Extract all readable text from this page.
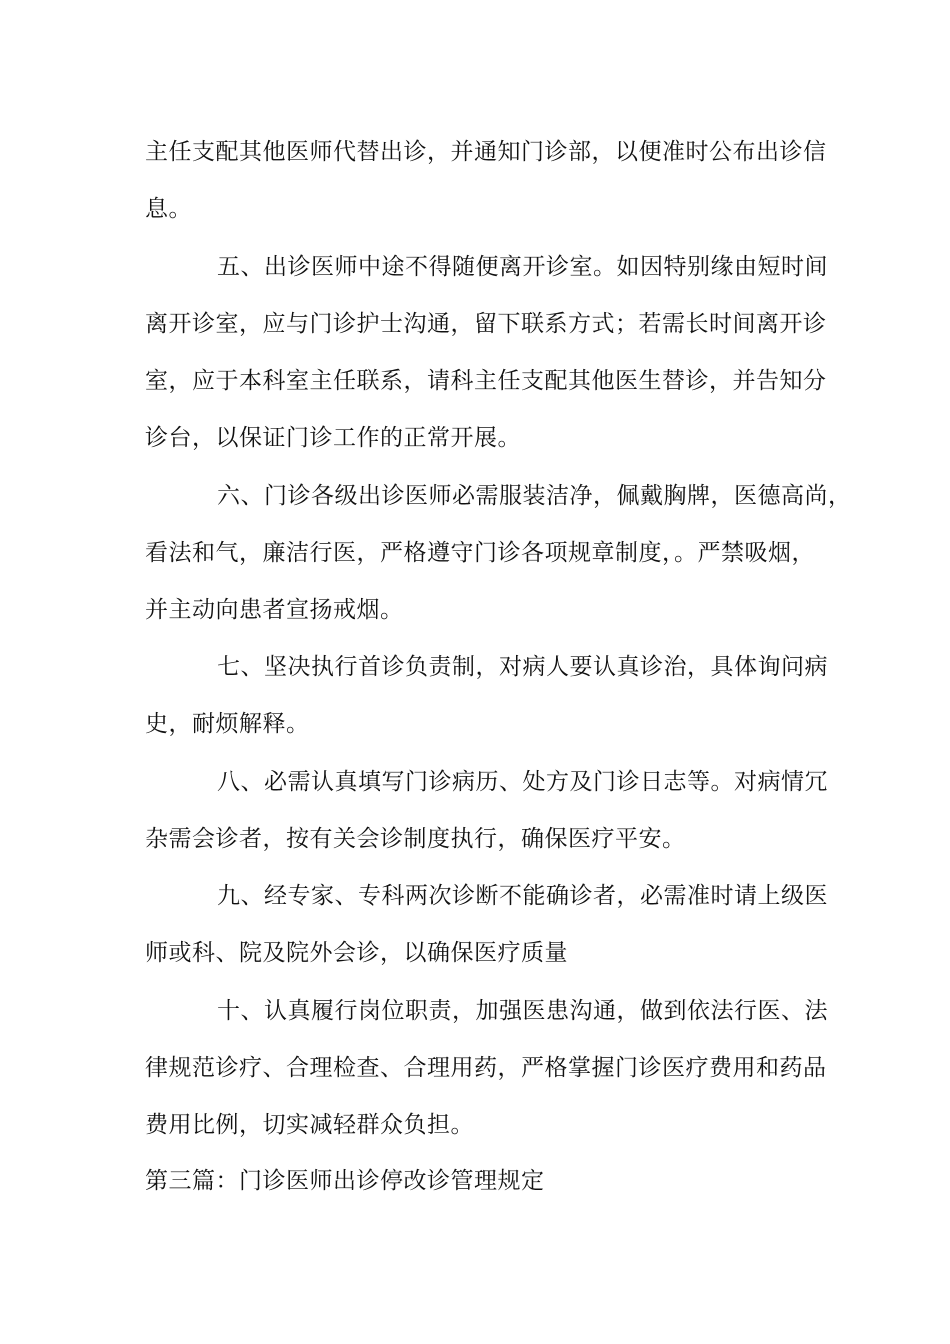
主任支配其他医师代替出诊，并通知门诊部，以便准时公布出诊信
息。
五、出诊医师中途不得随便离开诊室。如因特别缘由短时间
离开诊室，应与门诊护士沟通，留下联系方式；若需长时间离开诊
室，应于本科室主任联系，请科主任支配其他医生替诊，并告知分
诊台，以保证门诊工作的正常开展。
六、门诊各级出诊医师必需服装洁净，佩戴胸牌，医德高尚，
看法和气，廉洁行医，严格遵守门诊各项规章制度，。严禁吸烟，
并主动向患者宣扬戒烟。
七、坚决执行首诊负责制，对病人要认真诊治，具体询问病
史，耐烦解释。
八、必需认真填写门诊病历、处方及门诊日志等。对病情冗
杂需会诊者，按有关会诊制度执行，确保医疗平安。
九、经专家、专科两次诊断不能确诊者，必需准时请上级医
师或科、院及院外会诊，以确保医疗质量
十、认真履行岗位职责，加强医患沟通，做到依法行医、法
律规范诊疗、合理检查、合理用药，严格掌握门诊医疗费用和药品
费用比例，切实减轻群众负担。
第三篇：门诊医师出诊停改诊管理规定
